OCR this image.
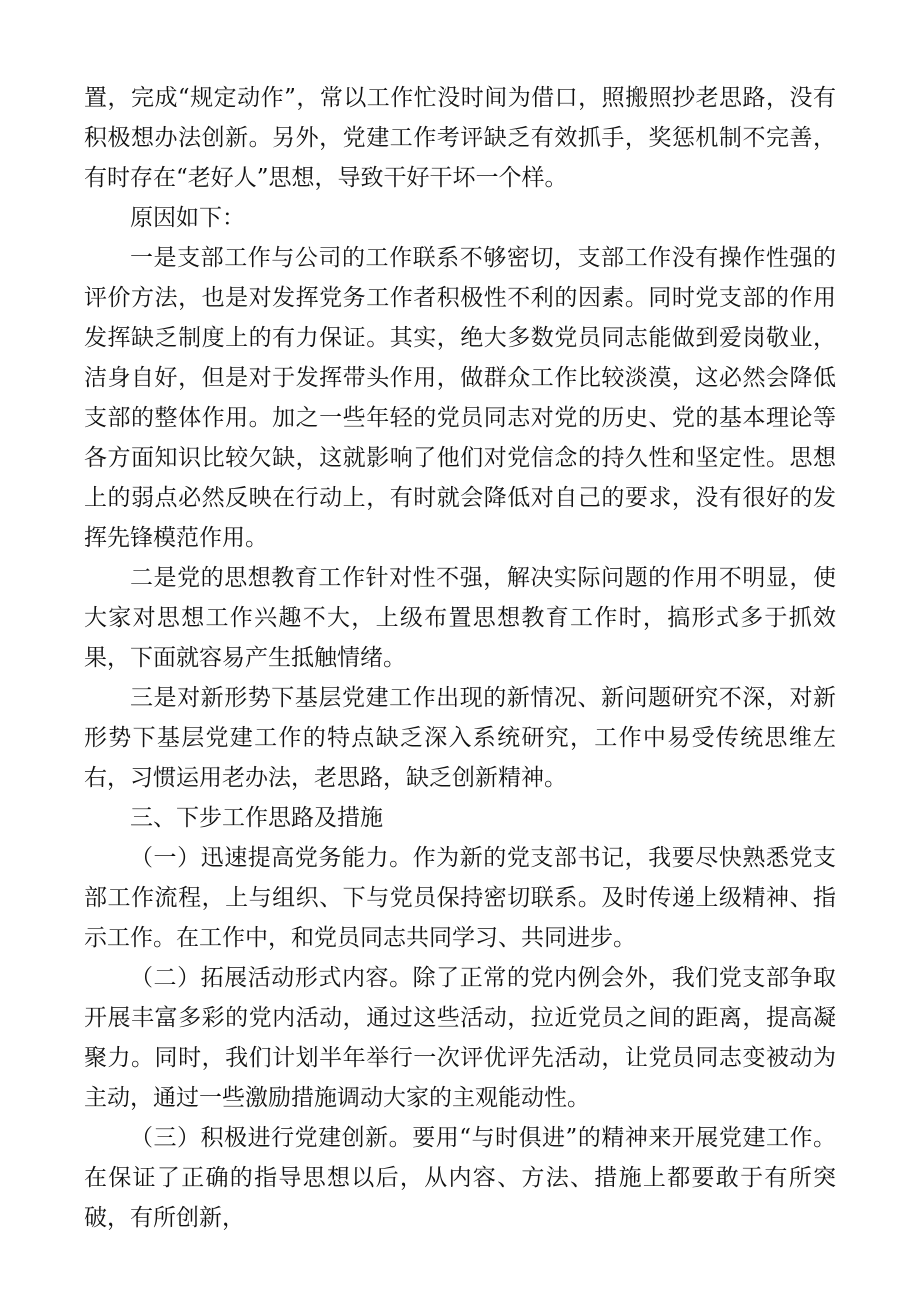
置，完成“规定动作”，常以工作忙没时间为借口，照搬照抄老思路，没有积极想办法创新。另外，党建工作考评缺乏有效抓手，奖惩机制不完善，有时存在“老好人”思想，导致干好干坏一个样。

原因如下：

一是支部工作与公司的工作联系不够密切，支部工作没有操作性强的评价方法，也是对发挥党务工作者积极性不利的因素。同时党支部的作用发挥缺乏制度上的有力保证。其实，绝大多数党员同志能做到爱岗敬业，洁身自好，但是对于发挥带头作用，做群众工作比较淡漠，这必然会降低支部的整体作用。加之一些年轻的党员同志对党的历史、党的基本理论等各方面知识比较欠缺，这就影响了他们对党信念的持久性和坚定性。思想上的弱点必然反映在行动上，有时就会降低对自己的要求，没有很好的发挥先锋模范作用。

二是党的思想教育工作针对性不强，解决实际问题的作用不明显，使大家对思想工作兴趣不大，上级布置思想教育工作时，搞形式多于抓效果，下面就容易产生抵触情绪。

三是对新形势下基层党建工作出现的新情况、新问题研究不深，对新形势下基层党建工作的特点缺乏深入系统研究，工作中易受传统思维左右，习惯运用老办法，老思路，缺乏创新精神。

三、下步工作思路及措施

（一）迅速提高党务能力。作为新的党支部书记，我要尽快熟悉党支部工作流程，上与组织、下与党员保持密切联系。及时传递上级精神、指示工作。在工作中，和党员同志共同学习、共同进步。

（二）拓展活动形式内容。除了正常的党内例会外，我们党支部争取开展丰富多彩的党内活动，通过这些活动，拉近党员之间的距离，提高凝聚力。同时，我们计划半年举行一次评优评先活动，让党员同志变被动为主动，通过一些激励措施调动大家的主观能动性。

（三）积极进行党建创新。要用“与时俱进”的精神来开展党建工作。在保证了正确的指导思想以后，从内容、方法、措施上都要敢于有所突破，有所创新，
